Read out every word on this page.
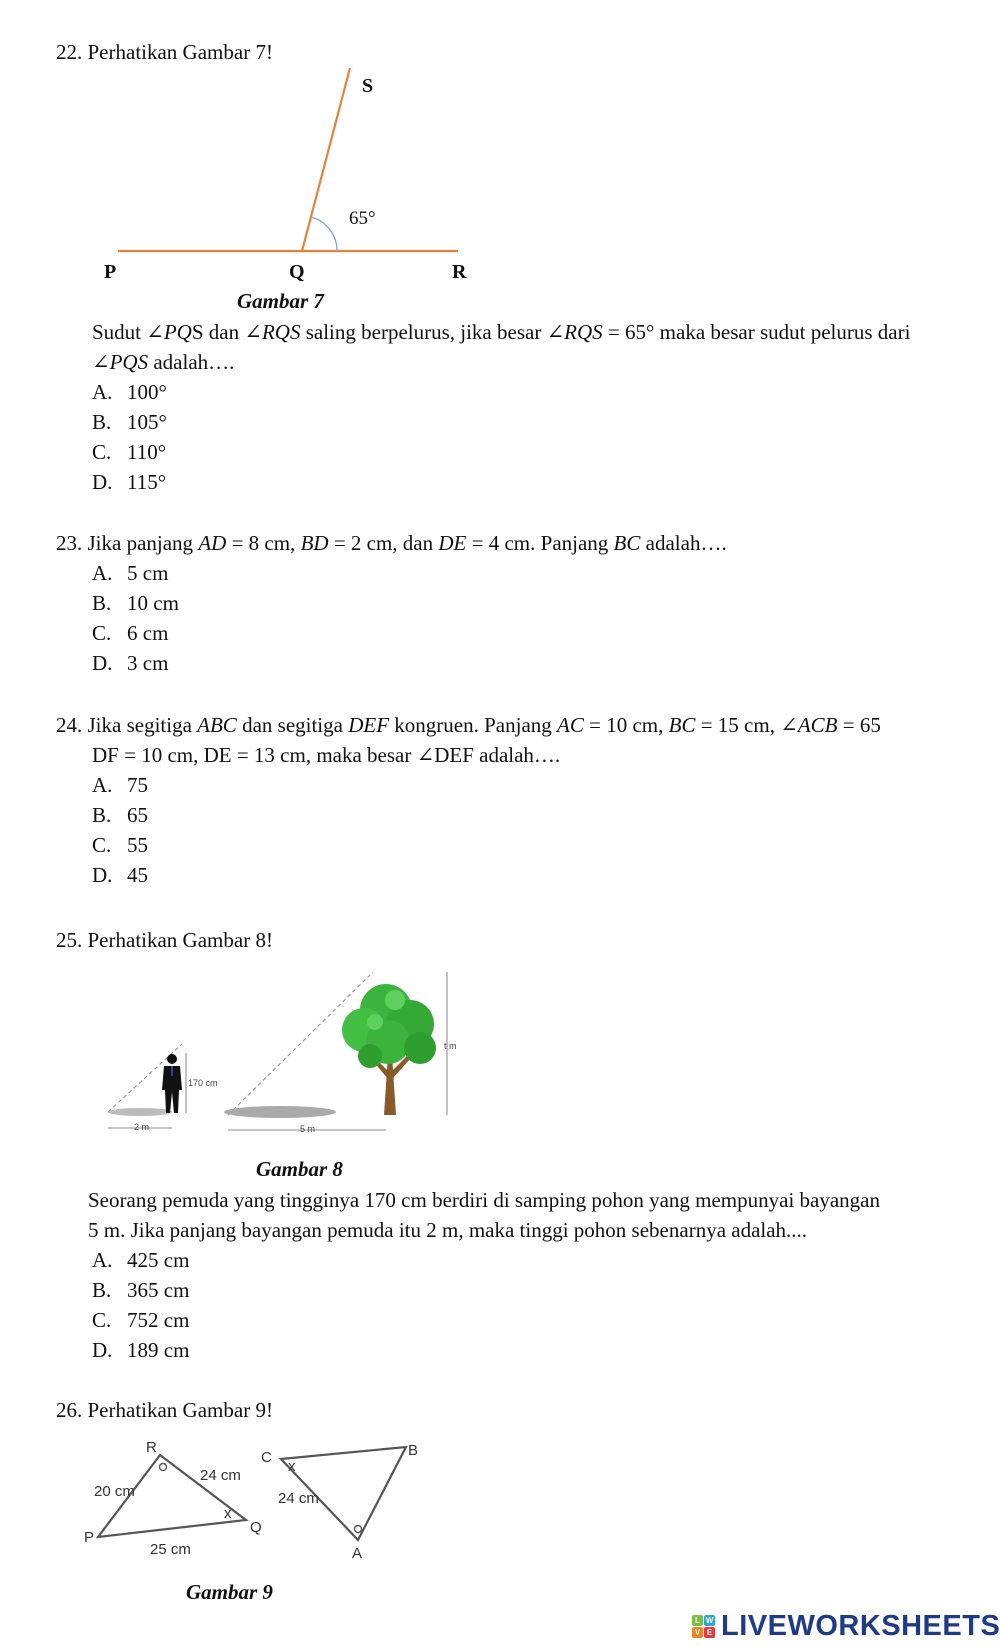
22. Perhatikan Gambar 7!
S
65°
P	Q	R
Gambar 7
Sudut ∠PQS dan ∠RQS saling berpelurus, jika besar ∠RQS = 65° maka besar sudut pelurus dari
∠PQS adalah….
A. 100°
B. 105°
C. 110°
D. 115°
23. Jika panjang AD = 8 cm, BD = 2 cm, dan DE = 4 cm. Panjang BC adalah….
A. 5 cm
B. 10 cm
C. 6 cm
D. 3 cm
24. Jika segitiga ABC dan segitiga DEF kongruen. Panjang AC = 10 cm, BC = 15 cm, ∠ACB = 65
DF = 10 cm, DE = 13 cm, maka besar ∠DEF adalah….
A. 75
B. 65
C. 55
D. 45
25. Perhatikan Gambar 8!
170 cm
2 m
t m
5 m
Gambar 8
Seorang pemuda yang tingginya 170 cm berdiri di samping pohon yang mempunyai bayangan
5 m. Jika panjang bayangan pemuda itu 2 m, maka tinggi pohon sebenarnya adalah....
A. 425 cm
B. 365 cm
C. 752 cm
D. 189 cm
26. Perhatikan Gambar 9!
R
P
Q
20 cm
24 cm
25 cm
x
C	B
A
24 cm
x
Gambar 9
L W
V E LIVEWORKSHEETS
